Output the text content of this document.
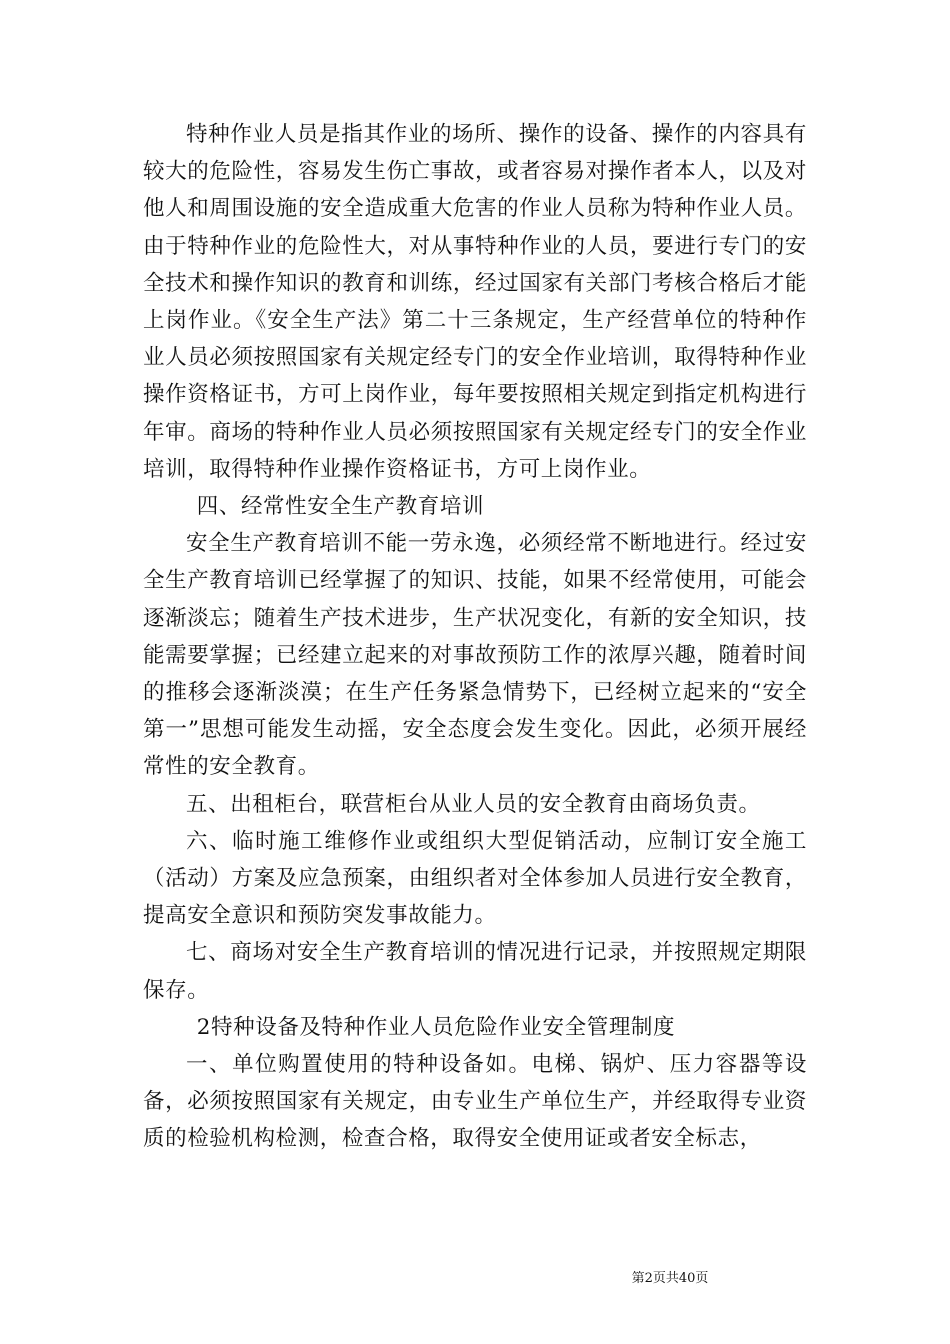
特种作业人员是指其作业的场所、操作的设备、操作的内容具有较大的危险性，容易发生伤亡事故，或者容易对操作者本人，以及对他人和周围设施的安全造成重大危害的作业人员称为特种作业人员。由于特种作业的危险性大，对从事特种作业的人员，要进行专门的安全技术和操作知识的教育和训练，经过国家有关部门考核合格后才能上岗作业。《安全生产法》第二十三条规定，生产经营单位的特种作业人员必须按照国家有关规定经专门的安全作业培训，取得特种作业操作资格证书，方可上岗作业，每年要按照相关规定到指定机构进行年审。商场的特种作业人员必须按照国家有关规定经专门的安全作业培训，取得特种作业操作资格证书，方可上岗作业。

四、经常性安全生产教育培训

安全生产教育培训不能一劳永逸，必须经常不断地进行。经过安全生产教育培训已经掌握了的知识、技能，如果不经常使用，可能会逐渐淡忘；随着生产技术进步，生产状况变化，有新的安全知识，技能需要掌握；已经建立起来的对事故预防工作的浓厚兴趣，随着时间的推移会逐渐淡漠；在生产任务紧急情势下，已经树立起来的“安全第一”思想可能发生动摇，安全态度会发生变化。因此，必须开展经常性的安全教育。

五、出租柜台，联营柜台从业人员的安全教育由商场负责。

六、临时施工维修作业或组织大型促销活动，应制订安全施工（活动）方案及应急预案，由组织者对全体参加人员进行安全教育，提高安全意识和预防突发事故能力。

七、商场对安全生产教育培训的情况进行记录，并按照规定期限保存。

2特种设备及特种作业人员危险作业安全管理制度

一、单位购置使用的特种设备如。电梯、锅炉、压力容器等设备，必须按照国家有关规定，由专业生产单位生产，并经取得专业资质的检验机构检测，检查合格，取得安全使用证或者安全标志，

第2页共40页
